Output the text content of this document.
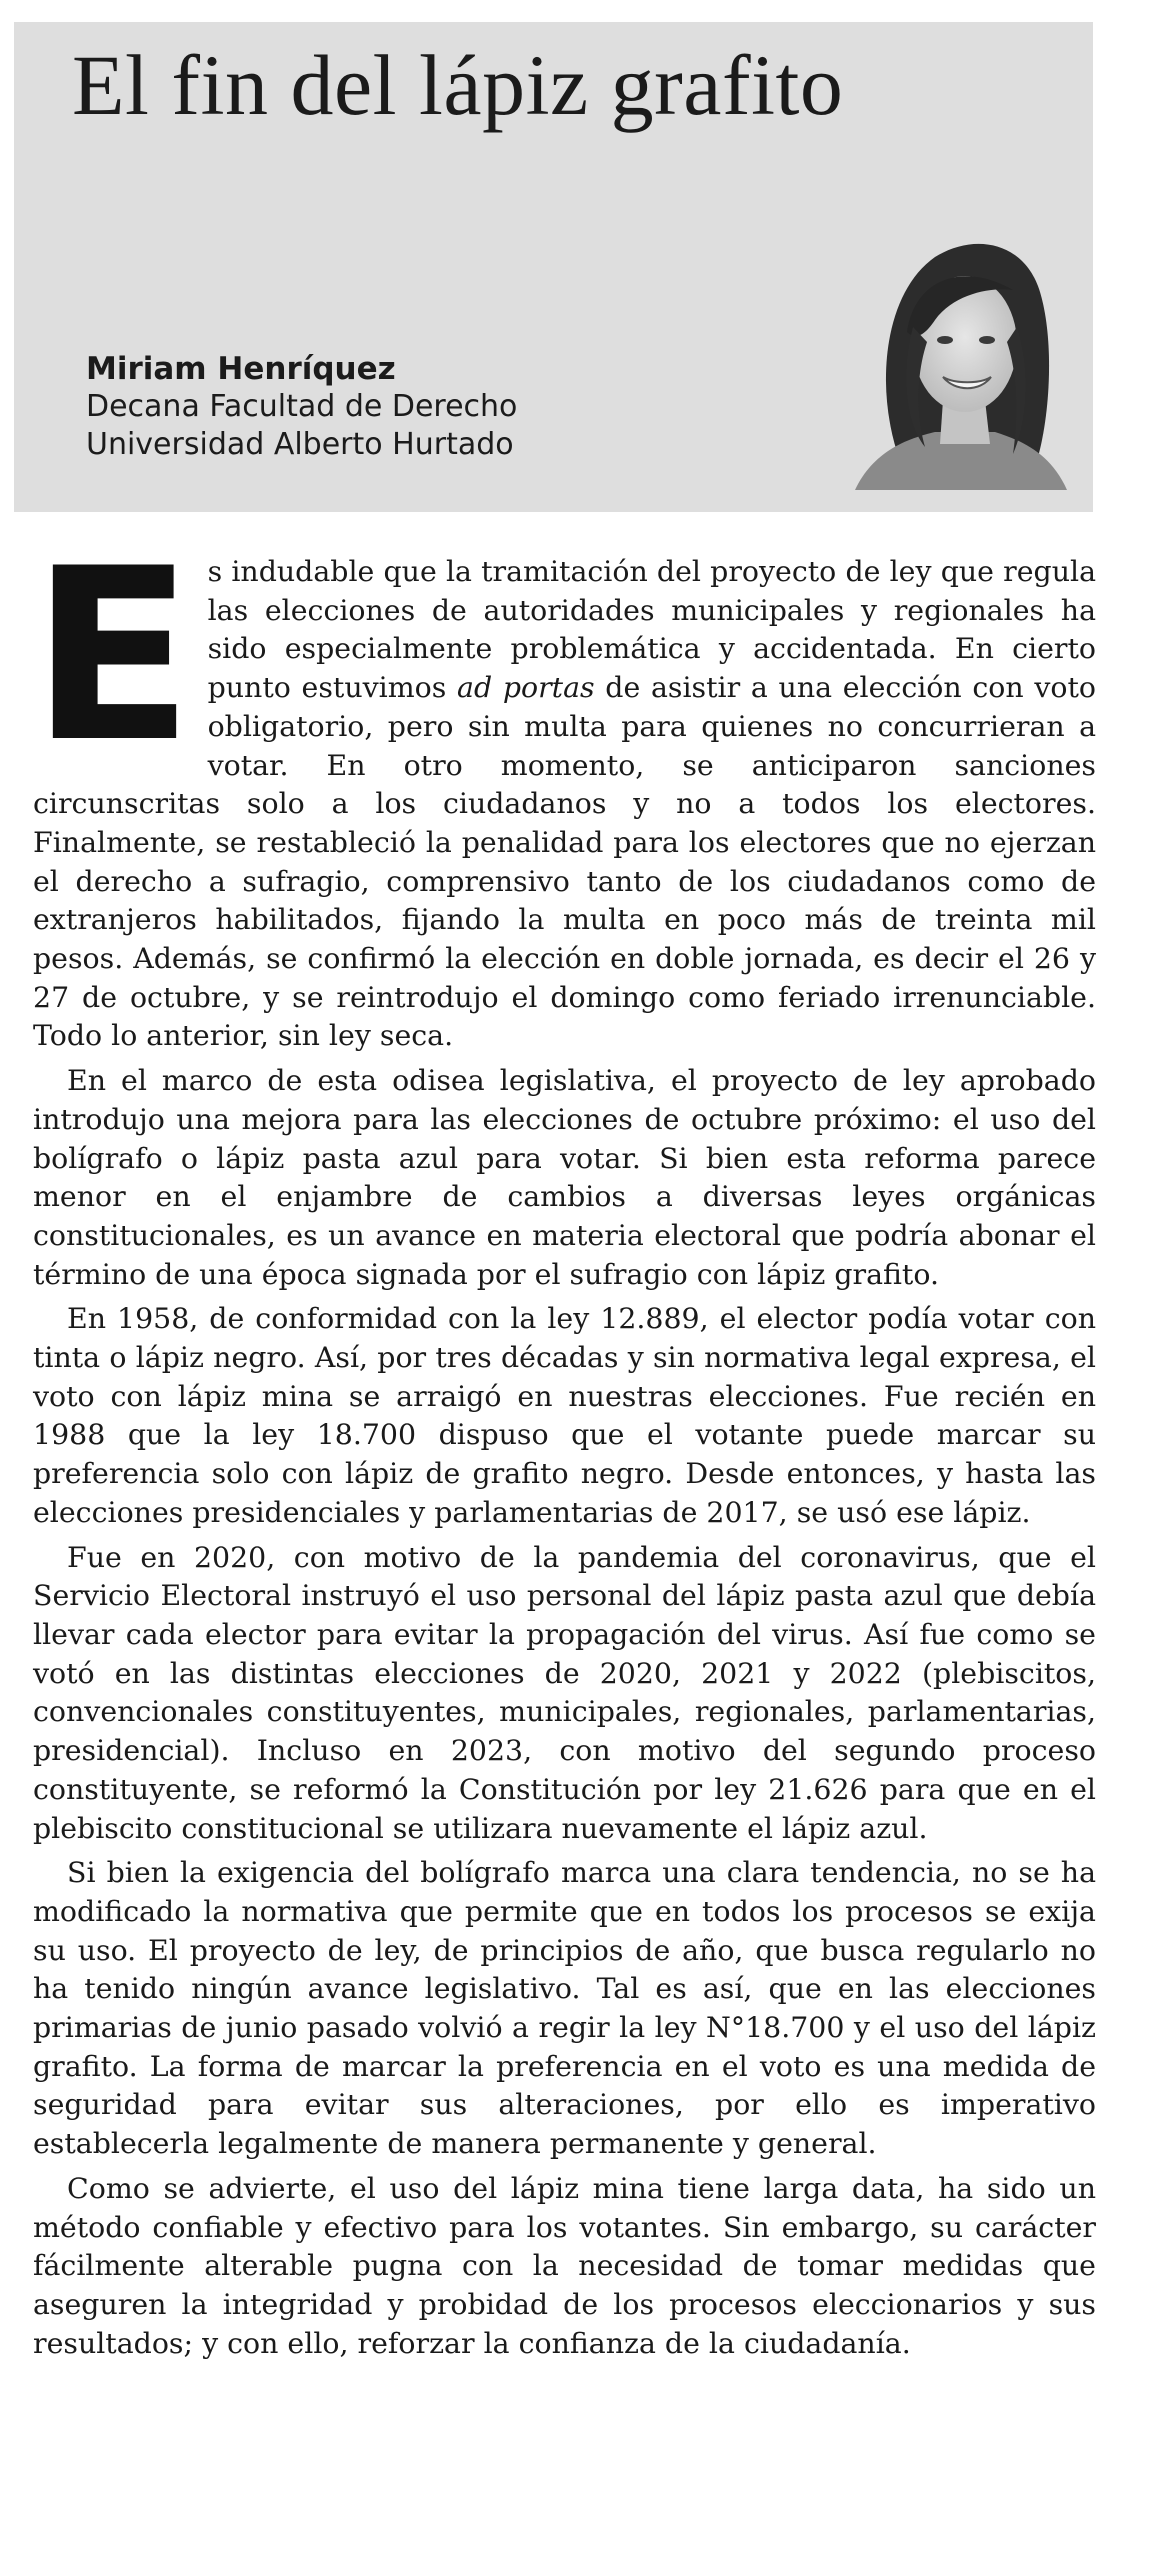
El fin del lápiz grafito
Miriam Henríquez
Decana Facultad de Derecho
Universidad Alberto Hurtado

Es indudable que la tramitación del proyecto de ley que regula las elecciones de autoridades municipales y regionales ha sido especialmente problemática y accidentada. En cierto punto estuvimos ad portas de asistir a una elección con voto obligatorio, pero sin multa para quienes no concurrieran a votar. En otro momento, se anticiparon sanciones circunscritas solo a los ciudadanos y no a todos los electores. Finalmente, se restableció la penalidad para los electores que no ejerzan el derecho a sufragio, comprensivo tanto de los ciudadanos como de extranjeros habilitados, fijando la multa en poco más de treinta mil pesos. Además, se confirmó la elección en doble jornada, es decir el 26 y 27 de octubre, y se reintrodujo el domingo como feriado irrenunciable. Todo lo anterior, sin ley seca.

En el marco de esta odisea legislativa, el proyecto de ley aprobado introdujo una mejora para las elecciones de octubre próximo: el uso del bolígrafo o lápiz pasta azul para votar. Si bien esta reforma parece menor en el enjambre de cambios a diversas leyes orgánicas constitucionales, es un avance en materia electoral que podría abonar el término de una época signada por el sufragio con lápiz grafito.

En 1958, de conformidad con la ley 12.889, el elector podía votar con tinta o lápiz negro. Así, por tres décadas y sin normativa legal expresa, el voto con lápiz mina se arraigó en nuestras elecciones. Fue recién en 1988 que la ley 18.700 dispuso que el votante puede marcar su preferencia solo con lápiz de grafito negro. Desde entonces, y hasta las elecciones presidenciales y parlamentarias de 2017, se usó ese lápiz.

Fue en 2020, con motivo de la pandemia del coronavirus, que el Servicio Electoral instruyó el uso personal del lápiz pasta azul que debía llevar cada elector para evitar la propagación del virus. Así fue como se votó en las distintas elecciones de 2020, 2021 y 2022 (plebiscitos, convencionales constituyentes, municipales, regionales, parlamentarias, presidencial). Incluso en 2023, con motivo del segundo proceso constituyente, se reformó la Constitución por ley 21.626 para que en el plebiscito constitucional se utilizara nuevamente el lápiz azul.

Si bien la exigencia del bolígrafo marca una clara tendencia, no se ha modificado la normativa que permite que en todos los procesos se exija su uso. El proyecto de ley, de principios de año, que busca regularlo no ha tenido ningún avance legislativo. Tal es así, que en las elecciones primarias de junio pasado volvió a regir la ley N°18.700 y el uso del lápiz grafito. La forma de marcar la preferencia en el voto es una medida de seguridad para evitar sus alteraciones, por ello es imperativo establecerla legalmente de manera permanente y general.

Como se advierte, el uso del lápiz mina tiene larga data, ha sido un método confiable y efectivo para los votantes. Sin embargo, su carácter fácilmente alterable pugna con la necesidad de tomar medidas que aseguren la integridad y probidad de los procesos eleccionarios y sus resultados; y con ello, reforzar la confianza de la ciudadanía.
